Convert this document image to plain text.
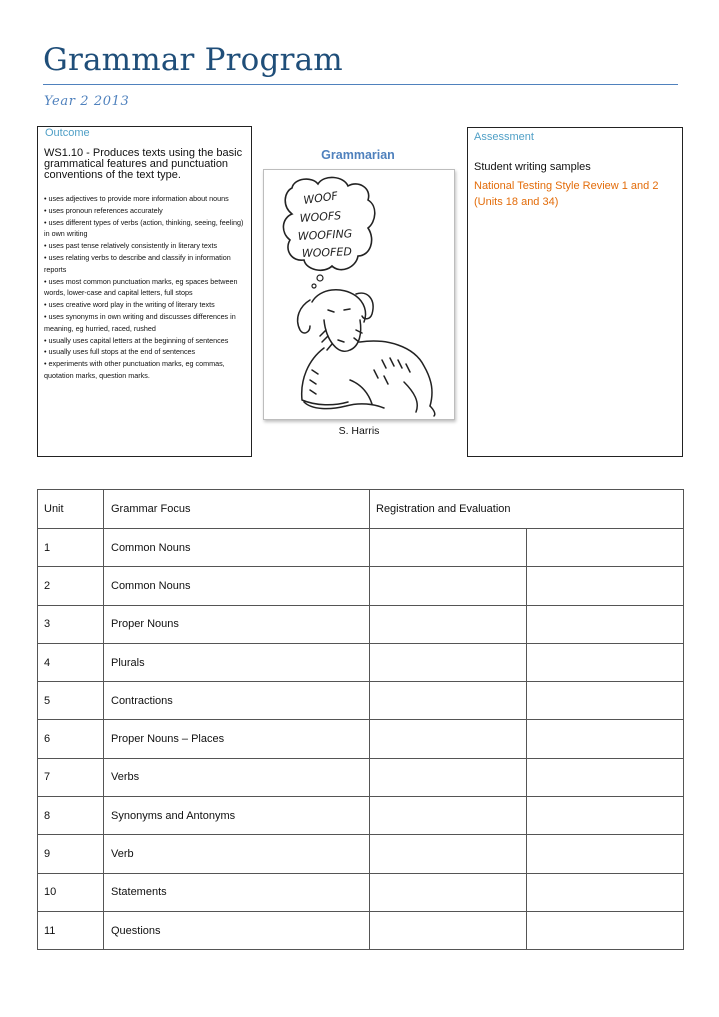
Grammar Program
Year 2 2013
Outcome
WS1.10 - Produces texts using the basic grammatical features and punctuation conventions of the text type.
• uses adjectives to provide more information about nouns
• uses pronoun references accurately
• uses different types of verbs (action, thinking, seeing, feeling) in own writing
• uses past tense relatively consistently in literary texts
• uses relating verbs to describe and classify in information reports
• uses most common punctuation marks, eg spaces between words, lower-case and capital letters, full stops
• uses creative word play in the writing of literary texts
• uses synonyms in own writing and discusses differences in meaning, eg hurried, raced, rushed
• usually uses capital letters at the beginning of sentences
• usually uses full stops at the end of sentences
• experiments with other punctuation marks, eg commas, quotation marks, question marks.
Grammarian
WOOF
WOOFS
WOOFING
WOOFED
S. Harris
Assessment
Student writing samples
National Testing Style Review 1 and 2
(Units 18 and 34)
Unit	Grammar Focus	Registration and Evaluation	
1	Common Nouns		
2	Common Nouns		
3	Proper Nouns		
4	Plurals		
5	Contractions		
6	Proper Nouns – Places		
7	Verbs		
8	Synonyms and Antonyms		
9	Verb		
10	Statements		
11	Questions		
